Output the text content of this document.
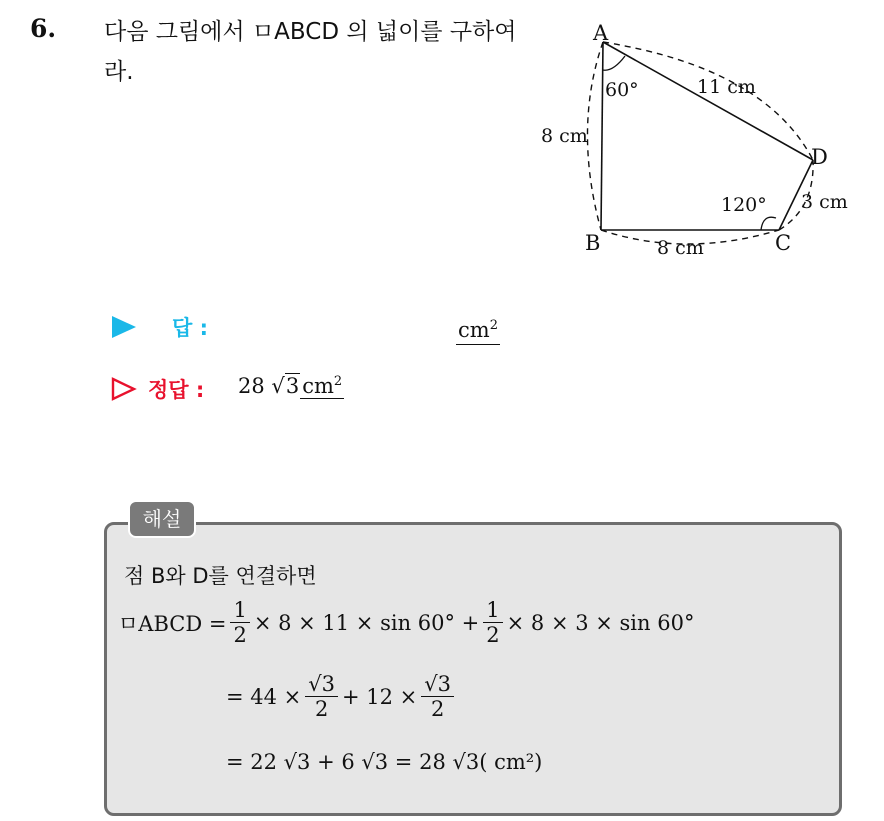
6. 다음 그림에서 ㅁABCD 의 넓이를 구하여라.
A
B	C
D
60°
120°
8 cm
11 cm
8 cm
3 cm
답 :	$cm^2$
정답 : 28 √3 $cm^2$
해설
점 B와 D를 연결하면
ㅁABCD = $\frac{1}{2} \times 8 \times 11 \times \sin 60^\circ + \frac{1}{2} \times 8 \times 3 \times \sin 60^\circ$
= $44 \times \frac{√3}{2} + 12 \times \frac{√3}{2}$
= 22 √3 + 6 √3 = 28 √3( cm²)
